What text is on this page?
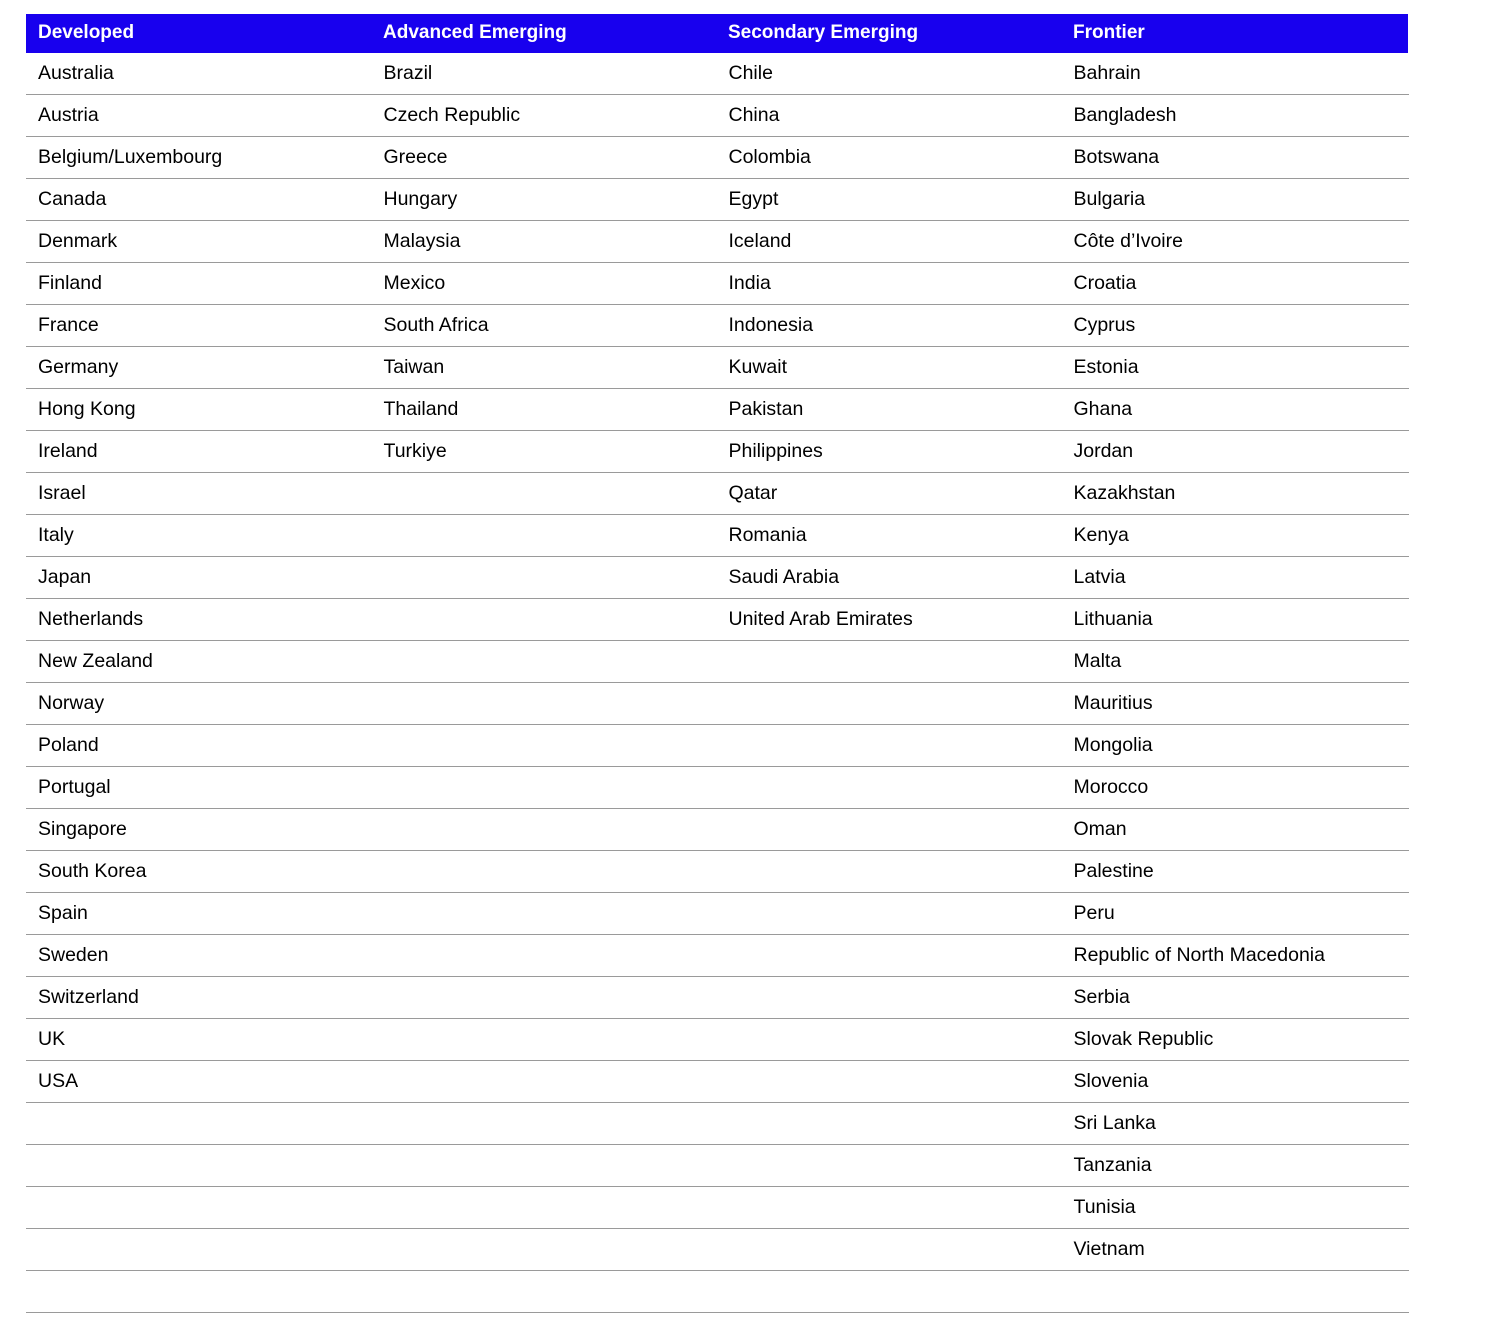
Developed	Advanced Emerging	Secondary Emerging	Frontier
Australia	Brazil	Chile	Bahrain
Austria	Czech Republic	China	Bangladesh
Belgium/Luxembourg	Greece	Colombia	Botswana
Canada	Hungary	Egypt	Bulgaria
Denmark	Malaysia	Iceland	Côte d’Ivoire
Finland	Mexico	India	Croatia
France	South Africa	Indonesia	Cyprus
Germany	Taiwan	Kuwait	Estonia
Hong Kong	Thailand	Pakistan	Ghana
Ireland	Turkiye	Philippines	Jordan
Israel		Qatar	Kazakhstan
Italy		Romania	Kenya
Japan		Saudi Arabia	Latvia
Netherlands		United Arab Emirates	Lithuania
New Zealand			Malta
Norway			Mauritius
Poland			Mongolia
Portugal			Morocco
Singapore			Oman
South Korea			Palestine
Spain			Peru
Sweden			Republic of North Macedonia
Switzerland			Serbia
UK			Slovak Republic
USA			Slovenia
			Sri Lanka
			Tanzania
			Tunisia
			Vietnam
